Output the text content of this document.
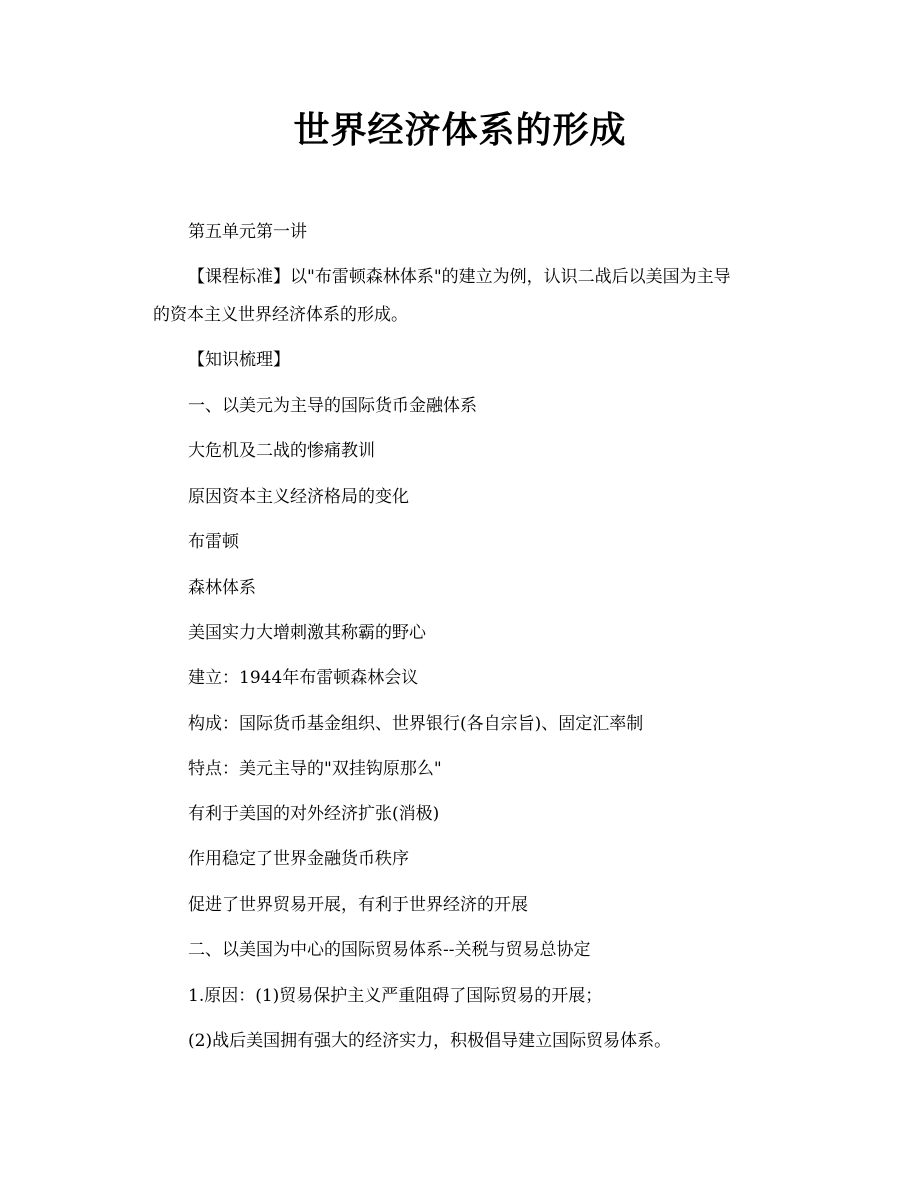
世界经济体系的形成

第五单元第一讲

【课程标准】以"布雷顿森林体系"的建立为例，认识二战后以美国为主导

的资本主义世界经济体系的形成。

【知识梳理】

一、以美元为主导的国际货币金融体系

大危机及二战的惨痛教训

原因资本主义经济格局的变化

布雷顿

森林体系

美国实力大增刺激其称霸的野心

建立：1944年布雷顿森林会议

构成：国际货币基金组织、世界银行(各自宗旨)、固定汇率制

特点：美元主导的"双挂钩原那么"

有利于美国的对外经济扩张(消极)

作用稳定了世界金融货币秩序

促进了世界贸易开展，有利于世界经济的开展

二、以美国为中心的国际贸易体系--关税与贸易总协定

1.原因：(1)贸易保护主义严重阻碍了国际贸易的开展；

(2)战后美国拥有强大的经济实力，积极倡导建立国际贸易体系。
